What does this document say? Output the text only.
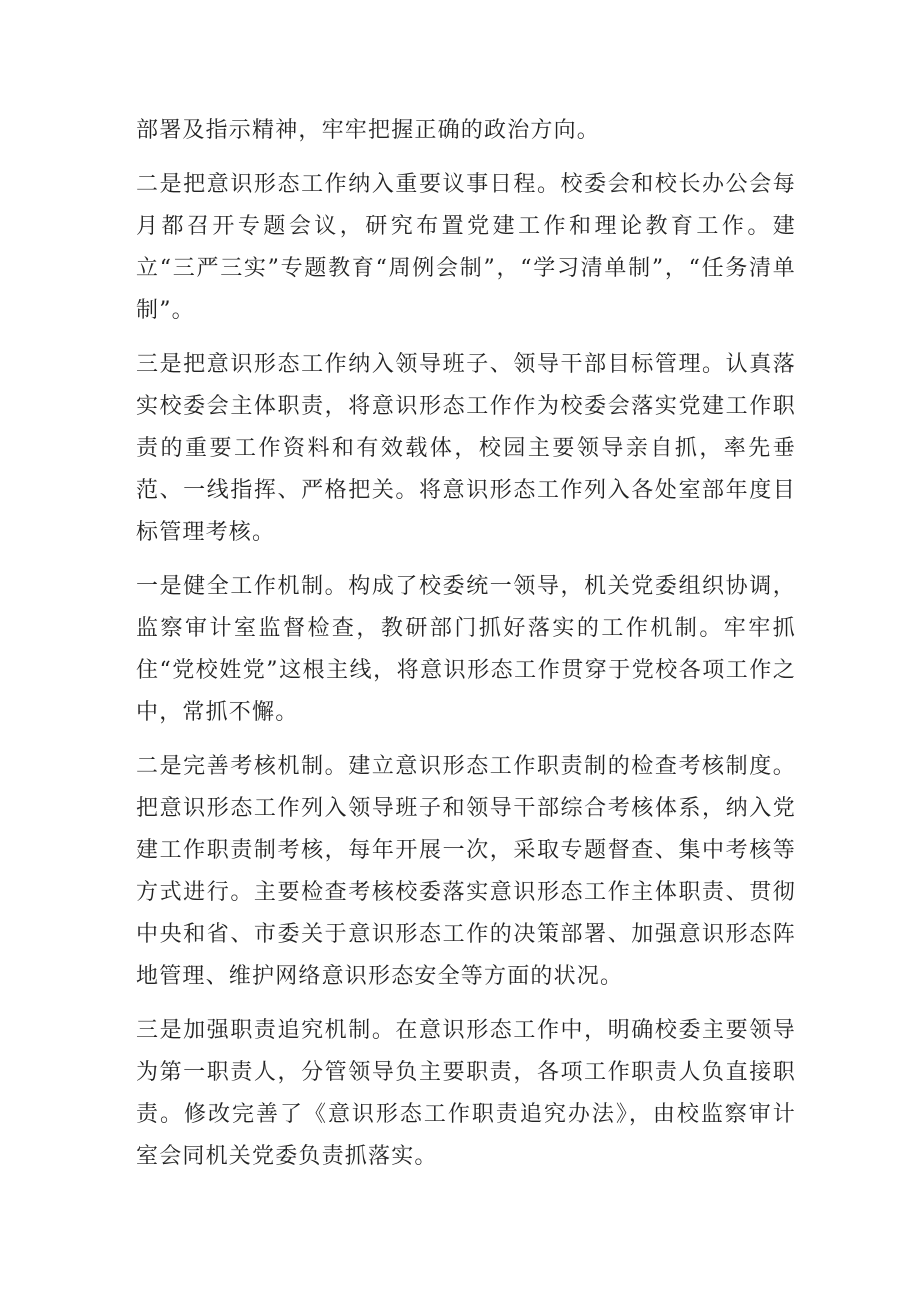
部署及指示精神，牢牢把握正确的政治方向。

二是把意识形态工作纳入重要议事日程。校委会和校长办公会每月都召开专题会议，研究布置党建工作和理论教育工作。建立“三严三实”专题教育“周例会制”，“学习清单制”，“任务清单制”。

三是把意识形态工作纳入领导班子、领导干部目标管理。认真落实校委会主体职责，将意识形态工作作为校委会落实党建工作职责的重要工作资料和有效载体，校园主要领导亲自抓，率先垂范、一线指挥、严格把关。将意识形态工作列入各处室部年度目标管理考核。

一是健全工作机制。构成了校委统一领导，机关党委组织协调，监察审计室监督检查，教研部门抓好落实的工作机制。牢牢抓住“党校姓党”这根主线，将意识形态工作贯穿于党校各项工作之中，常抓不懈。

二是完善考核机制。建立意识形态工作职责制的检查考核制度。把意识形态工作列入领导班子和领导干部综合考核体系，纳入党建工作职责制考核，每年开展一次，采取专题督查、集中考核等方式进行。主要检查考核校委落实意识形态工作主体职责、贯彻中央和省、市委关于意识形态工作的决策部署、加强意识形态阵地管理、维护网络意识形态安全等方面的状况。

三是加强职责追究机制。在意识形态工作中，明确校委主要领导为第一职责人，分管领导负主要职责，各项工作职责人负直接职责。修改完善了《意识形态工作职责追究办法》，由校监察审计室会同机关党委负责抓落实。
